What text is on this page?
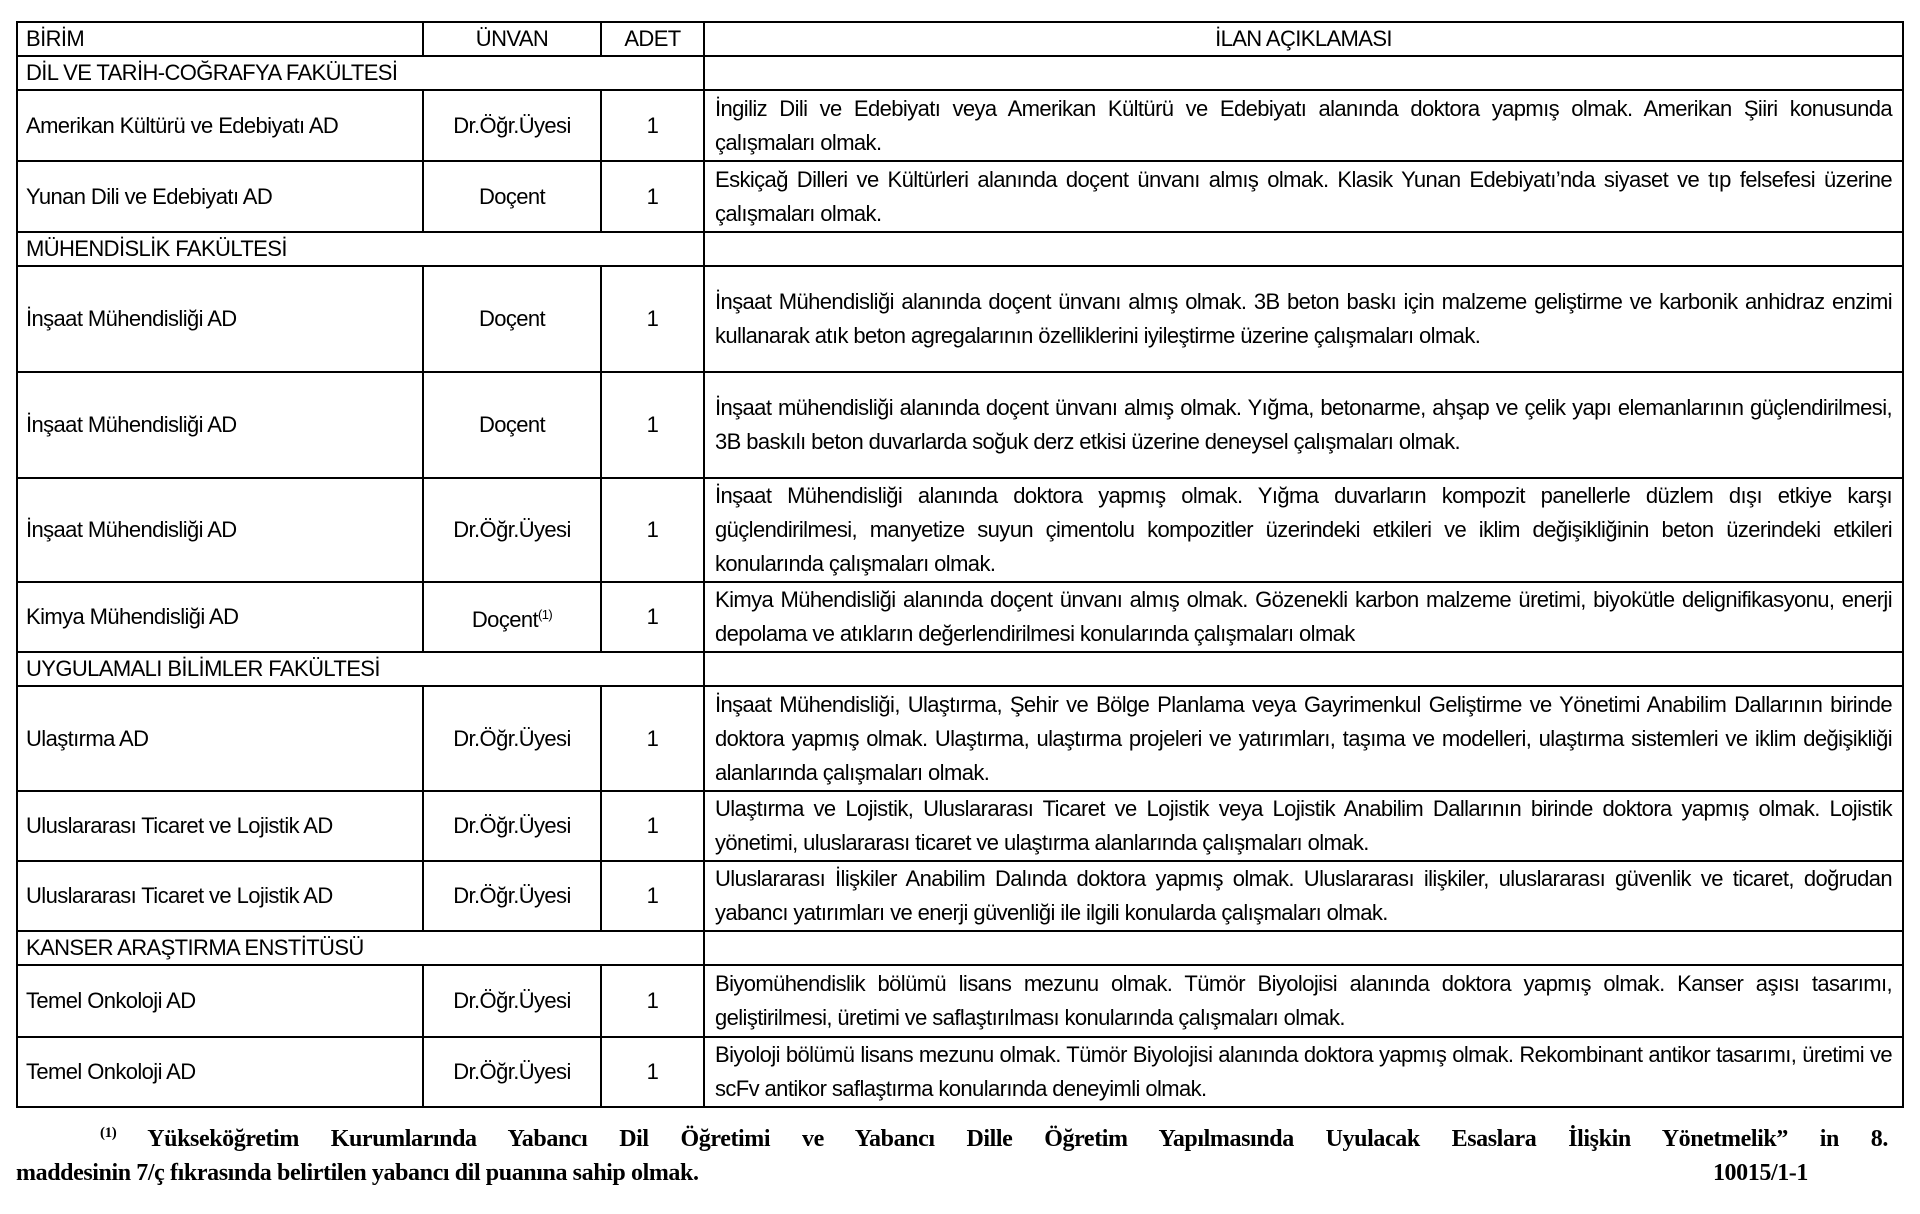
BİRİM	ÜNVAN	ADET	İLAN AÇIKLAMASI
DİL VE TARİH-COĞRAFYA FAKÜLTESİ			
Amerikan Kültürü ve Edebiyatı AD	Dr.Öğr.Üyesi	1	İngiliz Dili ve Edebiyatı veya Amerikan Kültürü ve Edebiyatı alanında doktora yapmış olmak. Amerikan Şiiri konusunda çalışmaları olmak.
Yunan Dili ve Edebiyatı AD	Doçent	1	Eskiçağ Dilleri ve Kültürleri alanında doçent ünvanı almış olmak. Klasik Yunan Edebiyatı’nda siyaset ve tıp felsefesi üzerine çalışmaları olmak.
MÜHENDİSLİK FAKÜLTESİ			
İnşaat Mühendisliği AD	Doçent	1	İnşaat Mühendisliği alanında doçent ünvanı almış olmak. 3B beton baskı için malzeme geliştirme ve karbonik anhidraz enzimi kullanarak atık beton agregalarının özelliklerini iyileştirme üzerine çalışmaları olmak.
İnşaat Mühendisliği AD	Doçent	1	İnşaat mühendisliği alanında doçent ünvanı almış olmak. Yığma, betonarme, ahşap ve çelik yapı elemanlarının güçlendirilmesi, 3B baskılı beton duvarlarda soğuk derz etkisi üzerine deneysel çalışmaları olmak.
İnşaat Mühendisliği AD	Dr.Öğr.Üyesi	1	İnşaat Mühendisliği alanında doktora yapmış olmak. Yığma duvarların kompozit panellerle düzlem dışı etkiye karşı güçlendirilmesi, manyetize suyun çimentolu kompozitler üzerindeki etkileri ve iklim değişikliğinin beton üzerindeki etkileri konularında çalışmaları olmak.
Kimya Mühendisliği AD	Doçent$^{(1)}$	1	Kimya Mühendisliği alanında doçent ünvanı almış olmak. Gözenekli karbon malzeme üretimi, biyokütle delignifikasyonu, enerji depolama ve atıkların değerlendirilmesi konularında çalışmaları olmak
UYGULAMALI BİLİMLER FAKÜLTESİ			
Ulaştırma AD	Dr.Öğr.Üyesi	1	İnşaat Mühendisliği, Ulaştırma, Şehir ve Bölge Planlama veya Gayrimenkul Geliştirme ve Yönetimi Anabilim Dallarının birinde doktora yapmış olmak. Ulaştırma, ulaştırma projeleri ve yatırımları, taşıma ve modelleri, ulaştırma sistemleri ve iklim değişikliği alanlarında çalışmaları olmak.
Uluslararası Ticaret ve Lojistik AD	Dr.Öğr.Üyesi	1	Ulaştırma ve Lojistik, Uluslararası Ticaret ve Lojistik veya Lojistik Anabilim Dallarının birinde doktora yapmış olmak. Lojistik yönetimi, uluslararası ticaret ve ulaştırma alanlarında çalışmaları olmak.
Uluslararası Ticaret ve Lojistik AD	Dr.Öğr.Üyesi	1	Uluslararası İlişkiler Anabilim Dalında doktora yapmış olmak. Uluslararası ilişkiler, uluslararası güvenlik ve ticaret, doğrudan yabancı yatırımları ve enerji güvenliği ile ilgili konularda çalışmaları olmak.
KANSER ARAŞTIRMA ENSTİTÜSÜ			
Temel Onkoloji AD	Dr.Öğr.Üyesi	1	Biyomühendislik bölümü lisans mezunu olmak. Tümör Biyolojisi alanında doktora yapmış olmak. Kanser aşısı tasarımı, geliştirilmesi, üretimi ve saflaştırılması konularında çalışmaları olmak.
Temel Onkoloji AD	Dr.Öğr.Üyesi	1	Biyoloji bölümü lisans mezunu olmak. Tümör Biyolojisi alanında doktora yapmış olmak. Rekombinant antikor tasarımı, üretimi ve scFv antikor saflaştırma konularında deneyimli olmak.

$^{(1)}$ Yükseköğretim Kurumlarında Yabancı Dil Öğretimi ve Yabancı Dille Öğretim Yapılmasında Uyulacak Esaslara İlişkin Yönetmelik” in 8.

maddesinin 7/ç fıkrasında belirtilen yabancı dil puanına sahip olmak.	10015/1-1
